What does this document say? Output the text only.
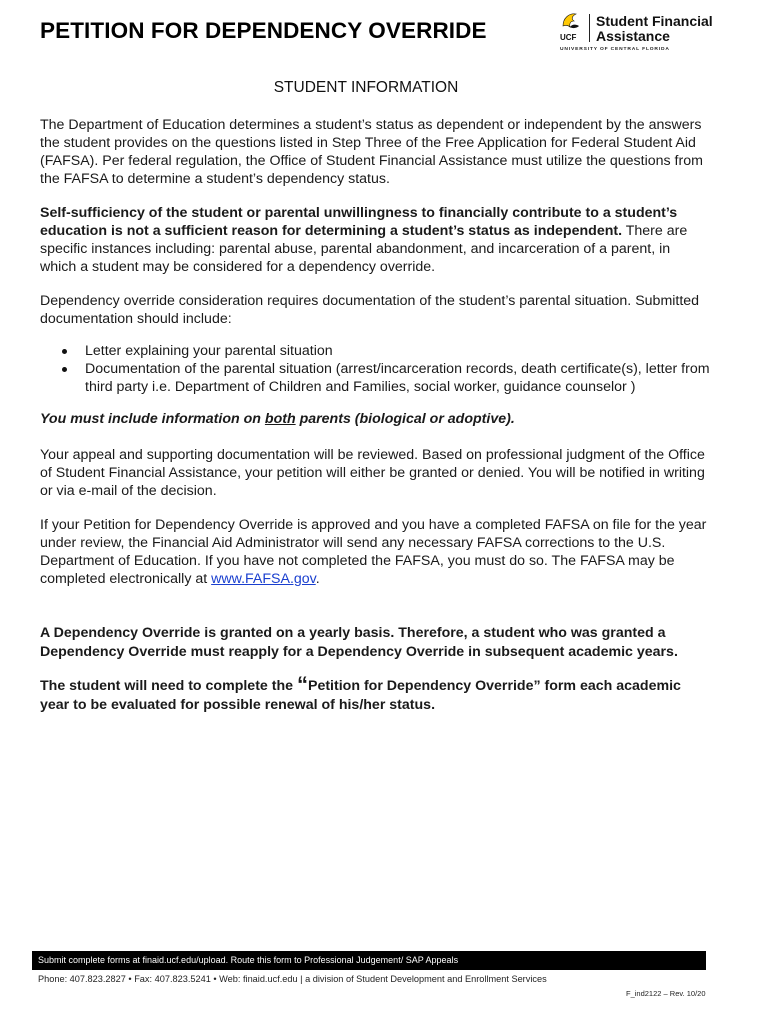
PETITION FOR DEPENDENCY OVERRIDE	UCF
Student Financial
Assistance
UNIVERSITY OF CENTRAL FLORIDA
STUDENT INFORMATION

The Department of Education determines a student’s status as dependent or independent by the answers the student provides on the questions listed in Step Three of the Free Application for Federal Student Aid (FAFSA). Per federal regulation, the Office of Student Financial Assistance must utilize the questions from the FAFSA to determine a student’s dependency status.

Self-sufficiency of the student or parental unwillingness to financially contribute to a student’s education is not a sufficient reason for determining a student’s status as independent. There are specific instances including: parental abuse, parental abandonment, and incarceration of a parent, in which a student may be considered for a dependency override.

Dependency override consideration requires documentation of the student’s parental situation. Submitted documentation should include:

Letter explaining your parental situation
Documentation of the parental situation (arrest/incarceration records, death certificate(s), letter from third party i.e. Department of Children and Families, social worker, guidance counselor )

You must include information on both parents (biological or adoptive).

Your appeal and supporting documentation will be reviewed. Based on professional judgment of the Office of Student Financial Assistance, your petition will either be granted or denied. You will be notified in writing or via e-mail of the decision.

If your Petition for Dependency Override is approved and you have a completed FAFSA on file for the year under review, the Financial Aid Administrator will send any necessary FAFSA corrections to the U.S. Department of Education. If you have not completed the FAFSA, you must do so. The FAFSA may be completed electronically at www.FAFSA.gov.

A Dependency Override is granted on a yearly basis. Therefore, a student who was granted a Dependency Override must reapply for a Dependency Override in subsequent academic years.

The student will need to complete the “Petition for Dependency Override” form each academic year to be evaluated for possible renewal of his/her status.

Submit complete forms at finaid.ucf.edu/upload. Route this form to Professional Judgement/ SAP Appeals
Phone: 407.823.2827 • Fax: 407.823.5241 • Web: finaid.ucf.edu | a division of Student Development and Enrollment Services
F_ind2122 – Rev. 10/20
